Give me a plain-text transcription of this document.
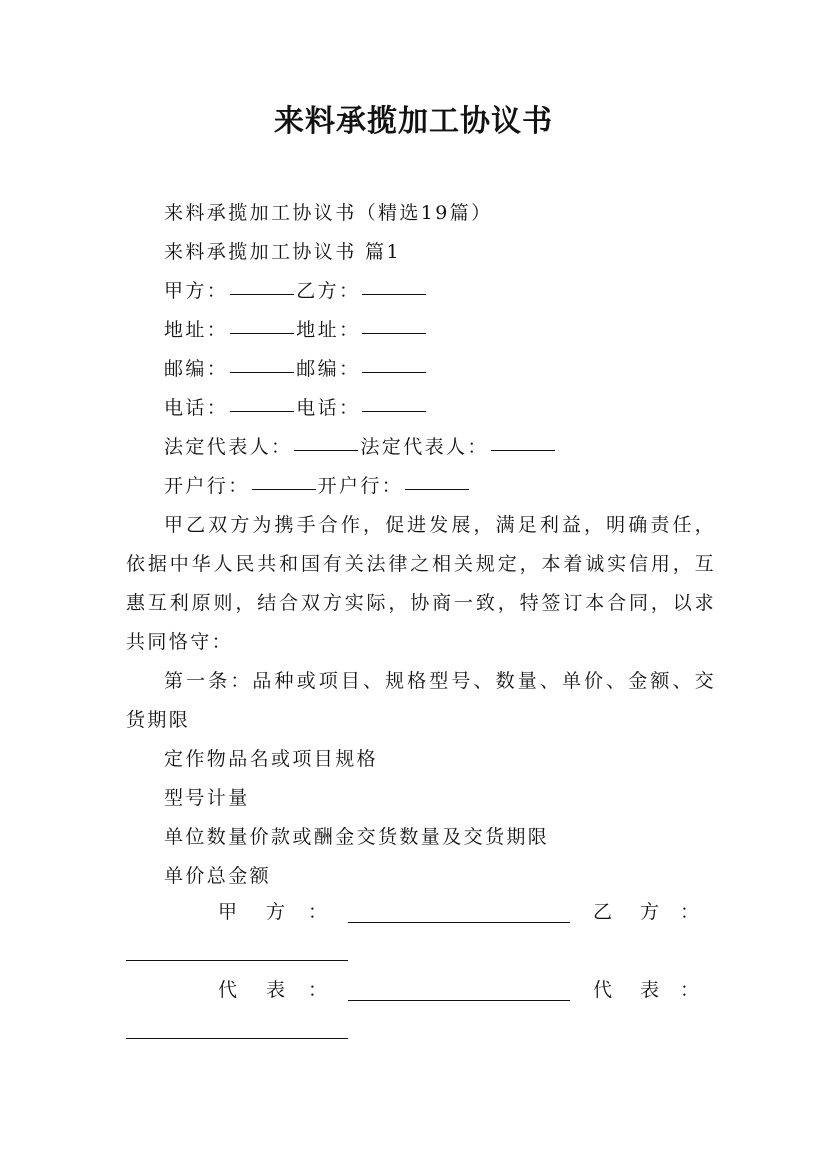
来料承揽加工协议书

来料承揽加工协议书（精选19篇）

来料承揽加工协议书 篇1

甲方：	乙方：

地址：	地址：

邮编：	邮编：

电话：	电话：

法定代表人：	法定代表人：

开户行：	开户行：

甲乙双方为携手合作，促进发展，满足利益，明确责任，依据中华人民共和国有关法律之相关规定，本着诚实信用，互惠互利原则，结合双方实际，协商一致，特签订本合同，以求共同恪守：

第一条：品种或项目、规格型号、数量、单价、金额、交货期限

定作物品名或项目规格

型号计量

单位数量价款或酬金交货数量及交货期限

单价总金额

甲 方 ：	乙 方 ：
代 表 ：	代 表 ：
